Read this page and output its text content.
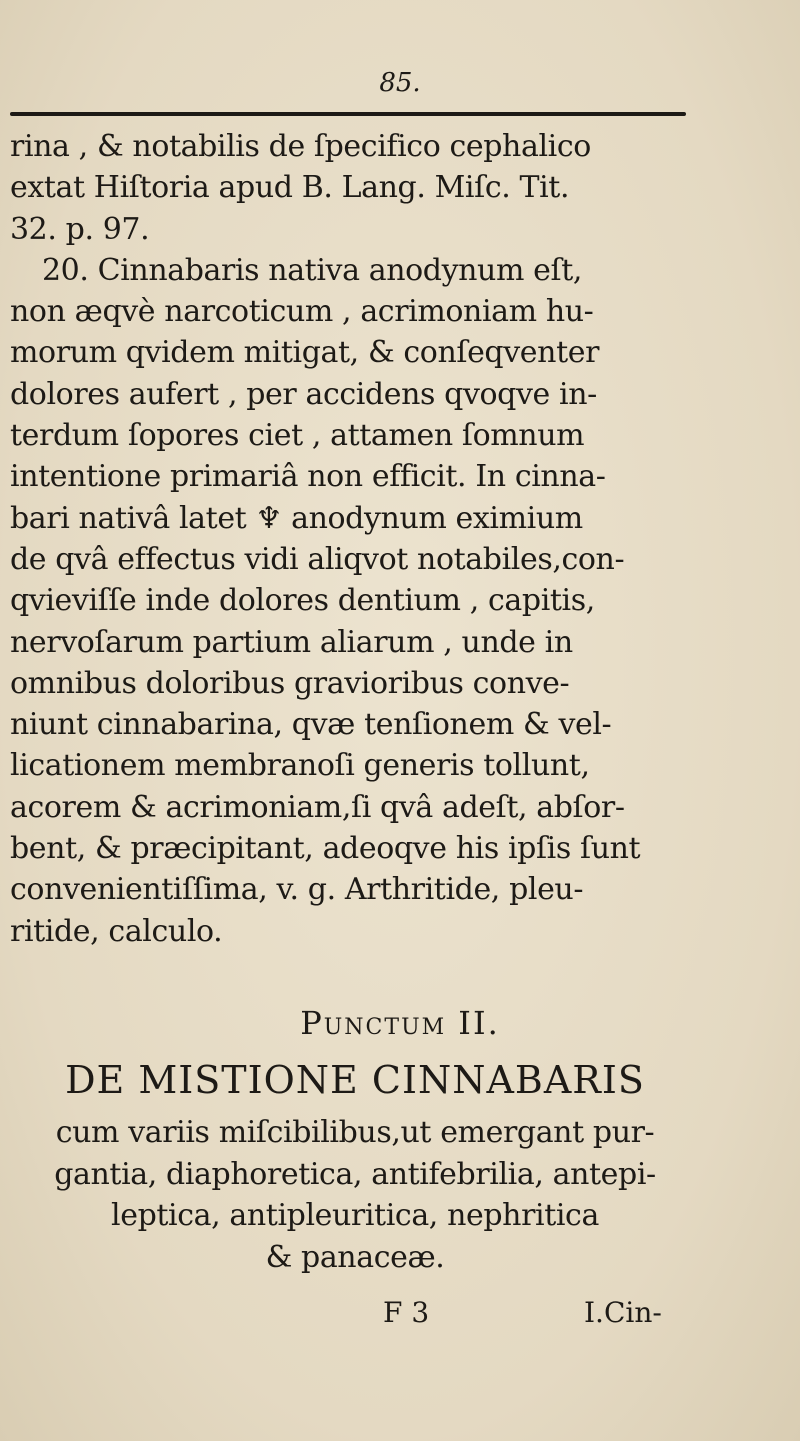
85.
rina , & notabilis de ſpecifico cephalico
extat Hiſtoria apud B. Lang. Miſc. Tit.
32. p. 97.
20. Cinnabaris nativa anodynum eſt,
non æqvè narcoticum , acrimoniam hu-
morum qvidem mitigat, & conſeqventer
dolores aufert , per accidens qvoqve in-
terdum ſopores ciet , attamen ſomnum
intentione primariâ non efficit. In cinna-
bari nativâ latet ♆ anodynum eximium
de qvâ effectus vidi aliqvot notabiles,con-
qvieviſſe inde dolores dentium , capitis,
nervoſarum partium aliarum , unde in
omnibus doloribus gravioribus conve-
niunt cinnabarina, qvæ tenſionem & vel-
licationem membranoſi generis tollunt,
acorem & acrimoniam,ſi qvâ adeſt, abſor-
bent, & præcipitant, adeoqve his ipſis ſunt
convenientiſſima, v. g. Arthritide, pleu-
ritide, calculo.
Punctum II.
DE MISTIONE CINNABARIS
cum variis miſcibilibus,ut emergant pur-
gantia, diaphoretica, antifebrilia, antepi-
leptica, antipleuritica, nephritica
& panaceæ.
F 3	I.Cin-
